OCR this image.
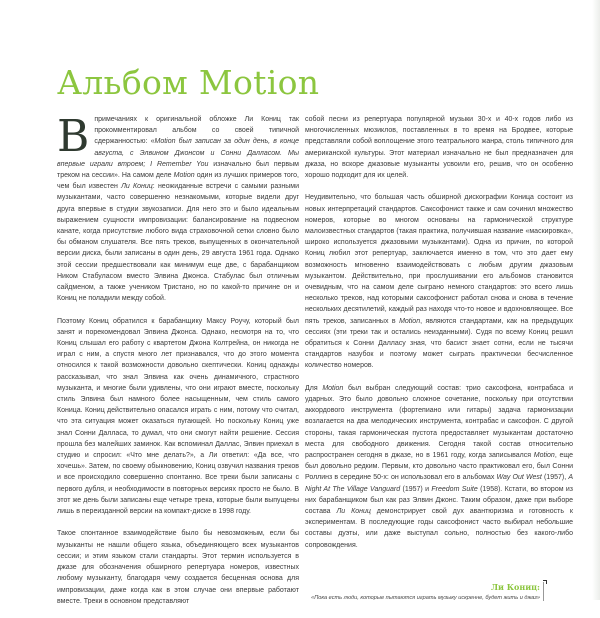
Альбом Motion

В примечаниях к оригинальной обложке Ли Кониц так прокомментировал альбом со своей типичной сдержанностью: «Motion был записан за один день, в конце августа, с Элвином Джонсом и Сонни Далласом. Мы впервые играли втроем; I Remember You изначально был первым треком на сессии». На самом деле Motion один из лучших примеров того, чем был известен Ли Кониц: неожиданные встречи с самыми разными музыкантами, часто совершенно незнакомыми, которые видели друг друга впервые в студии звукозаписи. Для него это и было идеальным выражением сущности импровизации: балансирование на подвесном канате, когда присутствие любого вида страховочной сетки словно было бы обманом слушателя. Все пять треков, выпущенных в окончательной версии диска, были записаны в один день, 29 августа 1961 года. Однако этой сессии предшествовали как минимум еще две, с барабанщиком Ником Стабуласом вместо Элвина Джонса. Стабулас был отличным сайдменом, а также учеником Тристано, но по какой-то причине он и Кониц не поладили между собой.

Поэтому Кониц обратился к барабанщику Максу Роучу, который был занят и порекомендовал Элвина Джонса. Однако, несмотря на то, что Кониц слышал его работу с квартетом Джона Колтрейна, он никогда не играл с ним, а спустя много лет признавался, что до этого момента относился к такой возможности довольно скептически. Кониц однажды рассказывал, что знал Элвина как очень динамичного, страстного музыканта, и многие были удивлены, что они играют вместе, поскольку стиль Элвина был намного более насыщенным, чем стиль самого Коница. Кониц действительно опасался играть с ним, потому что считал, что эта ситуация может оказаться пугающей. Но поскольку Кониц уже знал Сонни Далласа, то думал, что они смогут найти решение. Сессия прошла без малейших заминок. Как вспоминал Даллас, Элвин приехал в студию и спросил: «Что мне делать?», а Ли ответил: «Да все, что хочешь». Затем, по своему обыкновению, Кониц озвучил названия треков и все происходило совершенно спонтанно. Все треки были записаны с первого дубля, и необходимости в повторных версиях просто не было. В этот же день были записаны еще четыре трека, которые были выпущены лишь в переизданной версии на компакт-диске в 1998 году.

Такое спонтанное взаимодействие было бы невозможным, если бы музыканты не нашли общего языка, объединяющего всех музыкантов сессии; и этим языком стали стандарты. Этот термин используется в джазе для обозначения обширного репертуара номеров, известных любому музыканту, благодаря чему создается бесценная основа для импровизации, даже когда как в этом случае они впервые работают вместе. Треки в основном представляют

собой песни из репертуара популярной музыки 30-х и 40-х годов либо из многочисленных мюзиклов, поставленных в то время на Бродвее, которые представляли собой воплощение этого театрального жанра, столь типичного для американской культуры. Этот материал изначально не был предназначен для джаза, но вскоре джазовые музыканты усвоили его, решив, что он особенно хорошо подходит для их целей.

Неудивительно, что большая часть обширной дискографии Коница состоит из новых интерпретаций стандартов. Саксофонист также и сам сочинил множество номеров, которые во многом основаны на гармонической структуре малоизвестных стандартов (такая практика, получившая название «маскировка», широко используется джазовыми музыкантами). Одна из причин, по которой Кониц любил этот репертуар, заключается именно в том, что это дает ему возможность мгновенно взаимодействовать с любым другим джазовым музыкантом. Действительно, при прослушивании его альбомов становится очевидным, что на самом деле сыграно немного стандартов: это всего лишь несколько треков, над которыми саксофонист работал снова и снова в течение нескольких десятилетий, каждый раз находя что-то новое и вдохновляющее. Все пять треков, записанных в Motion, являются стандартами, как на предыдущих сессиях (эти треки так и остались неизданными). Судя по всему Кониц решил обратиться к Сонни Далласу зная, что басист знает сотни, если не тысячи стандартов назубок и поэтому может сыграть практически бесчисленное количество номеров.

Для Motion был выбран следующий состав: трио саксофона, контрабаса и ударных. Это было довольно сложное сочетание, поскольку при отсутствии аккордового инструмента (фортепиано или гитары) задача гармонизации возлагается на два мелодических инструмента, контрабас и саксофон. С другой стороны, такая гармоническая пустота предоставляет музыкантам достаточно места для свободного движения. Сегодня такой состав относительно распространен сегодня в джазе, но в 1961 году, когда записывался Motion, еще был довольно редким. Первым, кто довольно часто практиковал его, был Сонни Роллинз в середине 50-х: он использовал его в альбомах Way Out West (1957), A Night At The Village Vanguard (1957) и Freedom Suite (1958). Кстати, во втором из них барабанщиком был как раз Элвин Джонс. Таким образом, даже при выборе состава Ли Кониц демонстрирует свой дух авантюризма и готовность к экспериментам. В последующие годы саксофонист часто выбирал небольшие составы дуэты, или даже выступал сольно, полностью без какого-либо сопровождения.

Ли Кониц:
«Пока есть люди, которые пытаются играть музыку искренне, будет жить и джаз»
